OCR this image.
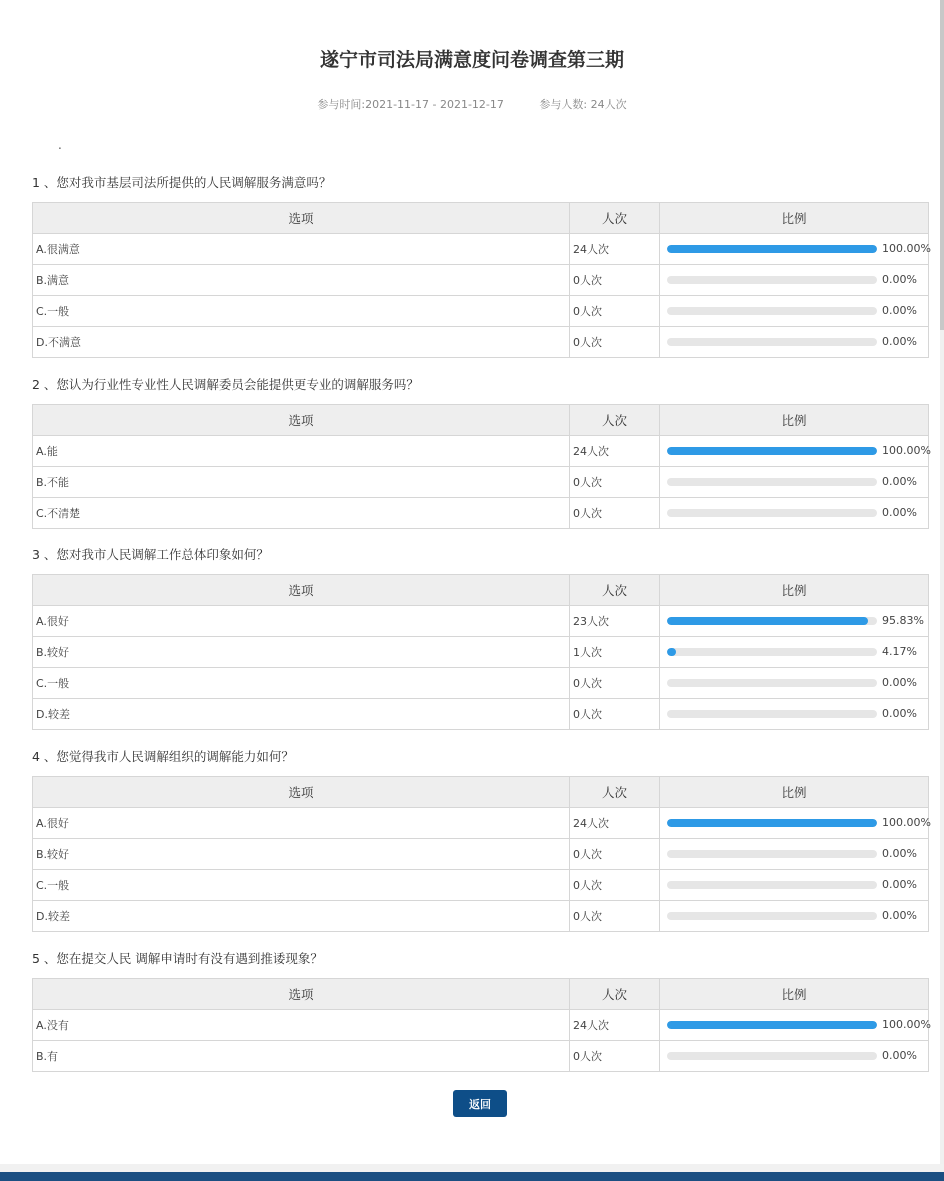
遂宁市司法局满意度问卷调查第三期
参与时间:2021-11-17 - 2021-12-17	参与人数: 24人次
.
1 、您对我市基层司法所提供的人民调解服务满意吗？
选项	人次	比例
A.很满意	24人次	100.00%

B.满意	0人次	0.00%

C.一般	0人次	0.00%

D.不满意	0人次	0.00%
2 、您认为行业性专业性人民调解委员会能提供更专业的调解服务吗？
选项	人次	比例
A.能	24人次	100.00%

B.不能	0人次	0.00%

C.不清楚	0人次	0.00%
3 、您对我市人民调解工作总体印象如何？
选项	人次	比例
A.很好	23人次	95.83%

B.较好	1人次	4.17%

C.一般	0人次	0.00%

D.较差	0人次	0.00%
4 、您觉得我市人民调解组织的调解能力如何？
选项	人次	比例
A.很好	24人次	100.00%

B.较好	0人次	0.00%

C.一般	0人次	0.00%

D.较差	0人次	0.00%
5 、您在提交人民 调解申请时有没有遇到推诿现象？
选项	人次	比例
A.没有	24人次	100.00%

B.有	0人次	0.00%
返回
